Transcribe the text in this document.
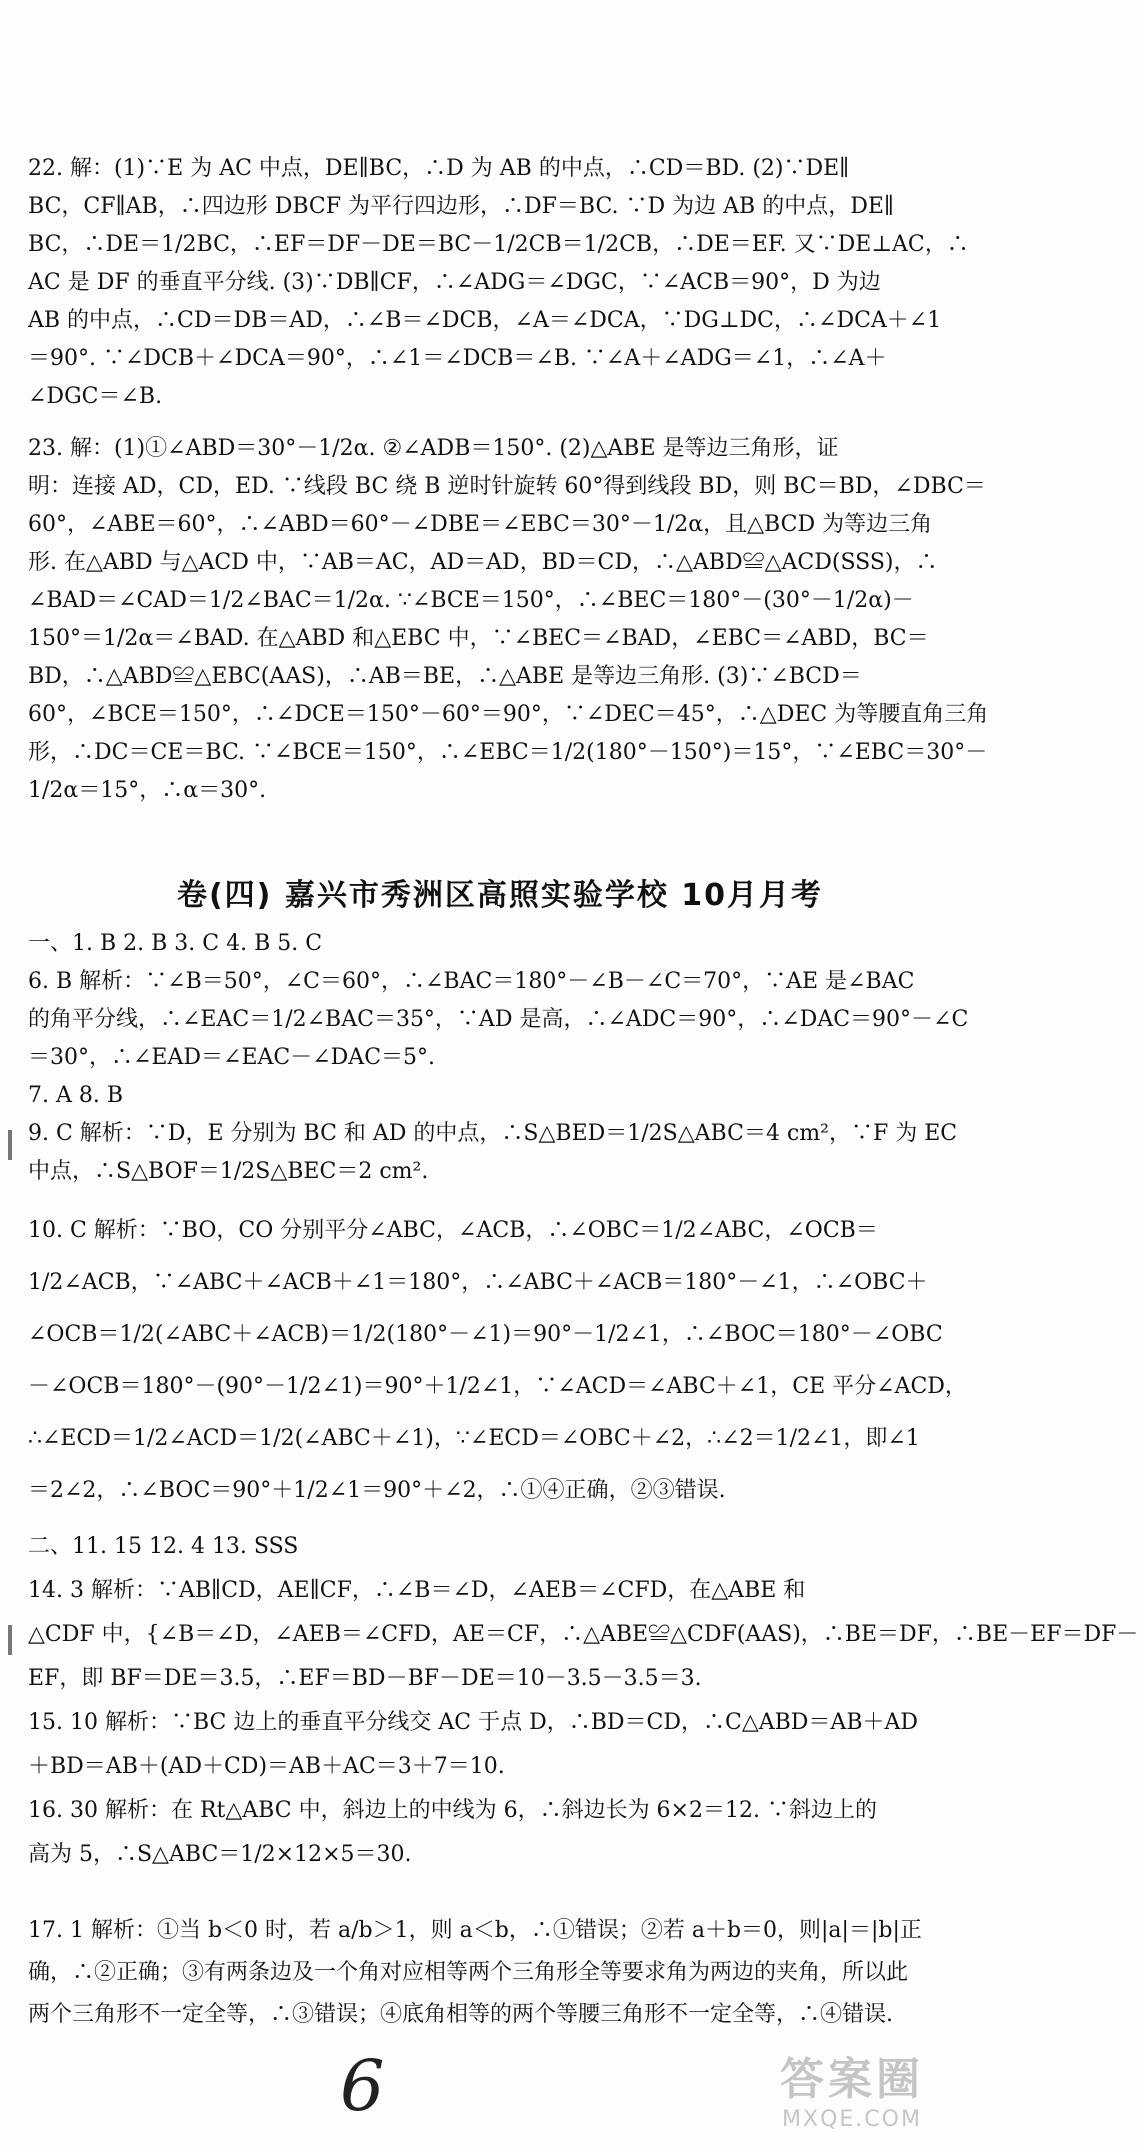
22. 解：(1)∵E 为 AC 中点，DE∥BC，∴D 为 AB 的中点，∴CD＝BD. (2)∵DE∥
BC，CF∥AB，∴四边形 DBCF 为平行四边形，∴DF＝BC. ∵D 为边 AB 的中点，DE∥
BC，∴DE＝1/2BC，∴EF＝DF－DE＝BC－1/2CB＝1/2CB，∴DE＝EF. 又∵DE⊥AC，∴
AC 是 DF 的垂直平分线. (3)∵DB∥CF，∴∠ADG＝∠DGC，∵∠ACB＝90°，D 为边
AB 的中点，∴CD＝DB＝AD，∴∠B＝∠DCB，∠A＝∠DCA，∵DG⊥DC，∴∠DCA＋∠1
＝90°. ∵∠DCB＋∠DCA＝90°，∴∠1＝∠DCB＝∠B. ∵∠A＋∠ADG＝∠1，∴∠A＋
∠DGC＝∠B.
23. 解：(1)①∠ABD＝30°－1/2α. ②∠ADB＝150°. (2)△ABE 是等边三角形，证
明：连接 AD，CD，ED. ∵线段 BC 绕 B 逆时针旋转 60°得到线段 BD，则 BC＝BD，∠DBC＝
60°，∠ABE＝60°，∴∠ABD＝60°－∠DBE＝∠EBC＝30°－1/2α，且△BCD 为等边三角
形. 在△ABD 与△ACD 中，∵AB＝AC，AD＝AD，BD＝CD，∴△ABD≌△ACD(SSS)，∴
∠BAD＝∠CAD＝1/2∠BAC＝1/2α. ∵∠BCE＝150°，∴∠BEC＝180°－(30°－1/2α)－
150°＝1/2α＝∠BAD. 在△ABD 和△EBC 中，∵∠BEC＝∠BAD，∠EBC＝∠ABD，BC＝
BD，∴△ABD≌△EBC(AAS)，∴AB＝BE，∴△ABE 是等边三角形. (3)∵∠BCD＝
60°，∠BCE＝150°，∴∠DCE＝150°－60°＝90°，∵∠DEC＝45°，∴△DEC 为等腰直角三角
形，∴DC＝CE＝BC. ∵∠BCE＝150°，∴∠EBC＝1/2(180°－150°)＝15°，∵∠EBC＝30°－
1/2α＝15°，∴α＝30°.
卷(四) 嘉兴市秀洲区高照实验学校 10月月考
一、1. B 2. B 3. C 4. B 5. C
6. B 解析：∵∠B＝50°，∠C＝60°，∴∠BAC＝180°－∠B－∠C＝70°，∵AE 是∠BAC
的角平分线，∴∠EAC＝1/2∠BAC＝35°，∵AD 是高，∴∠ADC＝90°，∴∠DAC＝90°－∠C
＝30°，∴∠EAD＝∠EAC－∠DAC＝5°.
7. A 8. B
9. C 解析：∵D，E 分别为 BC 和 AD 的中点，∴S△BED＝1/2S△ABC＝4 cm²，∵F 为 EC
中点，∴S△BOF＝1/2S△BEC＝2 cm².
10. C 解析：∵BO，CO 分别平分∠ABC，∠ACB，∴∠OBC＝1/2∠ABC，∠OCB＝
1/2∠ACB，∵∠ABC＋∠ACB＋∠1＝180°，∴∠ABC＋∠ACB＝180°－∠1，∴∠OBC＋
∠OCB＝1/2(∠ABC＋∠ACB)＝1/2(180°－∠1)＝90°－1/2∠1，∴∠BOC＝180°－∠OBC
－∠OCB＝180°－(90°－1/2∠1)＝90°＋1/2∠1，∵∠ACD＝∠ABC＋∠1，CE 平分∠ACD，
∴∠ECD＝1/2∠ACD＝1/2(∠ABC＋∠1)，∵∠ECD＝∠OBC＋∠2，∴∠2＝1/2∠1，即∠1
＝2∠2，∴∠BOC＝90°＋1/2∠1＝90°＋∠2，∴①④正确，②③错误.
二、11. 15 12. 4 13. SSS
14. 3 解析：∵AB∥CD，AE∥CF，∴∠B＝∠D，∠AEB＝∠CFD，在△ABE 和
△CDF 中，{∠B＝∠D，∠AEB＝∠CFD，AE＝CF，∴△ABE≌△CDF(AAS)，∴BE＝DF，∴BE－EF＝DF－
EF，即 BF＝DE＝3.5，∴EF＝BD－BF－DE＝10－3.5－3.5＝3.
15. 10 解析：∵BC 边上的垂直平分线交 AC 于点 D，∴BD＝CD，∴C△ABD＝AB＋AD
＋BD＝AB＋(AD＋CD)＝AB＋AC＝3＋7＝10.
16. 30 解析：在 Rt△ABC 中，斜边上的中线为 6，∴斜边长为 6×2＝12. ∵斜边上的
高为 5，∴S△ABC＝1/2×12×5＝30.
17. 1 解析：①当 b＜0 时，若 a/b＞1，则 a＜b，∴①错误；②若 a＋b＝0，则|a|＝|b|正
确，∴②正确；③有两条边及一个角对应相等两个三角形全等要求角为两边的夹角，所以此
两个三角形不一定全等，∴③错误；④底角相等的两个等腰三角形不一定全等，∴④错误.
6	答案圈
MXQE.COM
